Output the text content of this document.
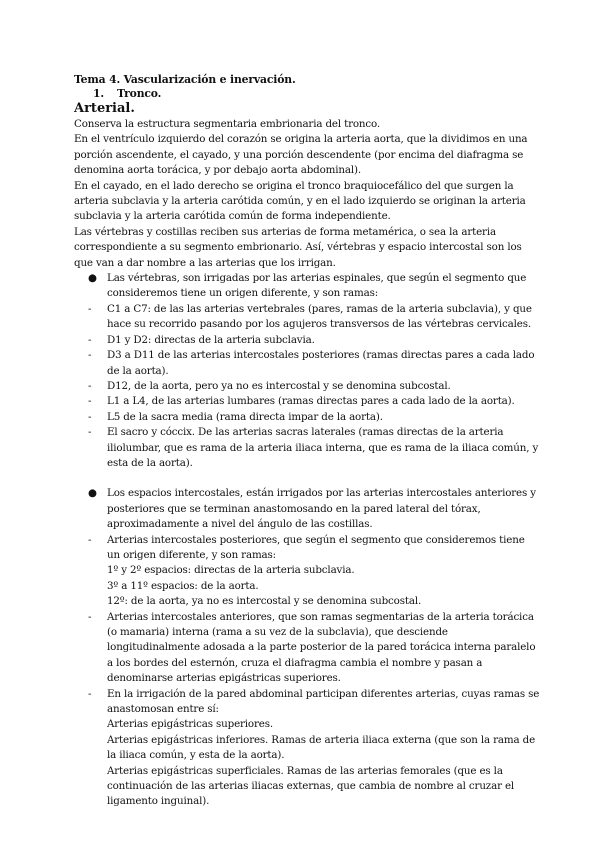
Tema 4. Vascularización e inervación.

1. Tronco.

Arterial.

Conserva la estructura segmentaria embrionaria del tronco.

En el ventrículo izquierdo del corazón se origina la arteria aorta, que la dividimos en una porción ascendente, el cayado, y una porción descendente (por encima del diafragma se denomina aorta torácica, y por debajo aorta abdominal).

En el cayado, en el lado derecho se origina el tronco braquiocefálico del que surgen la arteria subclavia y la arteria carótida común, y en el lado izquierdo se originan la arteria subclavia y la arteria carótida común de forma independiente.

Las vértebras y costillas reciben sus arterias de forma metamérica, o sea la arteria correspondiente a su segmento embrionario. Así, vértebras y espacio intercostal son los que van a dar nombre a las arterias que los irrigan.

● Las vértebras, son irrigadas por las arterias espinales, que según el segmento que consideremos tiene un origen diferente, y son ramas:

- C1 a C7: de las las arterias vertebrales (pares, ramas de la arteria subclavia), y que hace su recorrido pasando por los agujeros transversos de las vértebras cervicales.

- D1 y D2: directas de la arteria subclavia.

- D3 a D11 de las arterias intercostales posteriores (ramas directas pares a cada lado de la aorta).

- D12, de la aorta, pero ya no es intercostal y se denomina subcostal.

- L1 a L4, de las arterias lumbares (ramas directas pares a cada lado de la aorta).

- L5 de la sacra media (rama directa impar de la aorta).

- El sacro y cóccix. De las arterias sacras laterales (ramas directas de la arteria iliolumbar, que es rama de la arteria iliaca interna, que es rama de la iliaca común, y esta de la aorta).

● Los espacios intercostales, están irrigados por las arterias intercostales anteriores y posteriores que se terminan anastomosando en la pared lateral del tórax, aproximadamente a nivel del ángulo de las costillas.

- Arterias intercostales posteriores, que según el segmento que consideremos tiene un origen diferente, y son ramas:

1º y 2º espacios: directas de la arteria subclavia.

3º a 11º espacios: de la aorta.

12º: de la aorta, ya no es intercostal y se denomina subcostal.

- Arterias intercostales anteriores, que son ramas segmentarias de la arteria torácica (o mamaria) interna (rama a su vez de la subclavia), que desciende longitudinalmente adosada a la parte posterior de la pared torácica interna paralelo a los bordes del esternón, cruza el diafragma cambia el nombre y pasan a denominarse arterias epigástricas superiores.

- En la irrigación de la pared abdominal participan diferentes arterias, cuyas ramas se anastomosan entre sí:

Arterias epigástricas superiores.

Arterias epigástricas inferiores. Ramas de arteria iliaca externa (que son la rama de la iliaca común, y esta de la aorta).

Arterias epigástricas superficiales. Ramas de las arterias femorales (que es la continuación de las arterias iliacas externas, que cambia de nombre al cruzar el ligamento inguinal).
